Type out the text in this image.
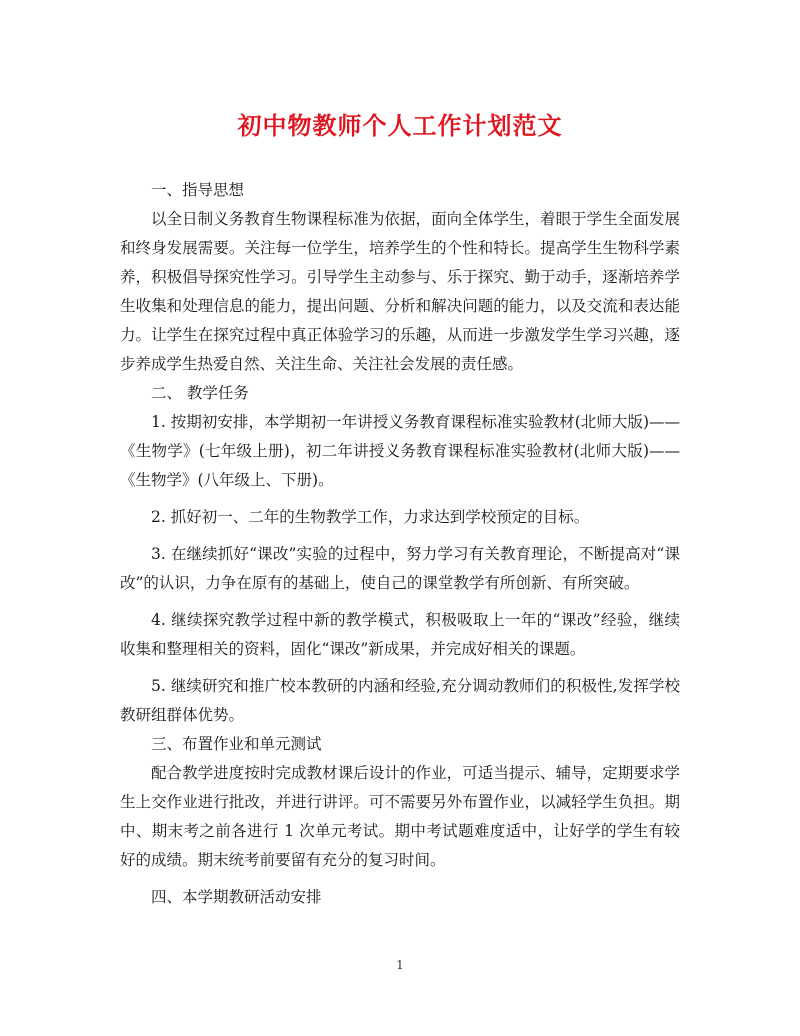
初中物教师个人工作计划范文

一、指导思想

以全日制义务教育生物课程标准为依据，面向全体学生，着眼于学生全面发展和终身发展需要。关注每一位学生，培养学生的个性和特长。提高学生生物科学素养，积极倡导探究性学习。引导学生主动参与、乐于探究、勤于动手，逐渐培养学生收集和处理信息的能力，提出问题、分析和解决问题的能力，以及交流和表达能力。让学生在探究过程中真正体验学习的乐趣，从而进一步激发学生学习兴趣，逐步养成学生热爱自然、关注生命、关注社会发展的责任感。

二、 教学任务

1. 按期初安排，本学期初一年讲授义务教育课程标准实验教材(北师大版)——《生物学》(七年级上册)，初二年讲授义务教育课程标准实验教材(北师大版)——《生物学》(八年级上、下册)。

2. 抓好初一、二年的生物教学工作，力求达到学校预定的目标。

3. 在继续抓好“课改”实验的过程中，努力学习有关教育理论，不断提高对“课改”的认识，力争在原有的基础上，使自己的课堂教学有所创新、有所突破。

4. 继续探究教学过程中新的教学模式，积极吸取上一年的“课改”经验，继续收集和整理相关的资料，固化“课改”新成果，并完成好相关的课题。

5. 继续研究和推广校本教研的内涵和经验,充分调动教师们的积极性,发挥学校教研组群体优势。

三、布置作业和单元测试

配合教学进度按时完成教材课后设计的作业，可适当提示、辅导，定期要求学生上交作业进行批改，并进行讲评。可不需要另外布置作业，以减轻学生负担。期中、期末考之前各进行 1 次单元考试。期中考试题难度适中，让好学的学生有较好的成绩。期末统考前要留有充分的复习时间。

四、本学期教研活动安排

1
